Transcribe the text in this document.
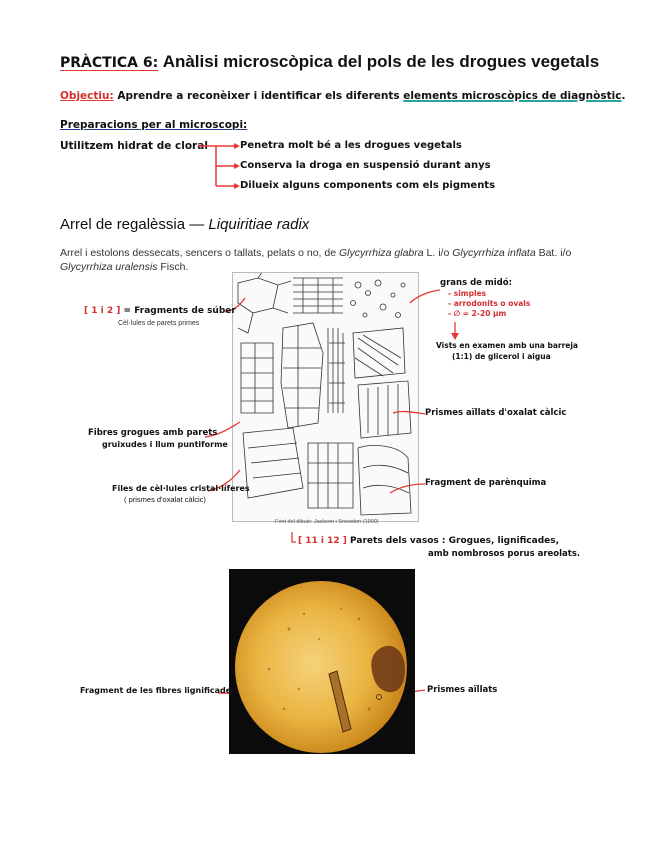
PRÀCTICA 6: Anàlisi microscòpica del pols de les drogues vegetals
Objectiu: Aprendre a reconèixer i identificar els diferents elements microscòpics de diagnòstic.
Preparacions per al microscopi:
Utilitzem hidrat de cloral	Penetra molt bé a les drogues vegetals
Conserva la droga en suspensió durant anys
Dilueix alguns components com els pigments
Arrel de regalèssia — Liquiritiae radix
Arrel i estolons dessecats, sencers o tallats, pelats o no, de Glycyrrhiza glabra L. i/o Glycyrrhiza inflata Bat. i/o Glycyrrhiza uralensis Fisch.
Font del dibuix: Jackson i Snowdon (1990)
[ 1 i 2 ] = Fragments de súber
Cèl·lules de parets primes
Fibres grogues amb parets
gruixudes i llum puntiforme
Files de cèl·lules cristal·líferes
( prismes d'oxalat càlcic)
grans de midó:
- simples
- arrodonits o ovals
- ∅ = 2-20 μm
Vists en examen amb una barreja
(1:1) de glicerol i aigua
Prismes aïllats d'oxalat càlcic
Fragment de parènquima
[ 11 i 12 ] Parets dels vasos : Grogues, lignificades,
amb nombrosos porus areolats.
Fragment de les fibres lignificades	Prismes aïllats
